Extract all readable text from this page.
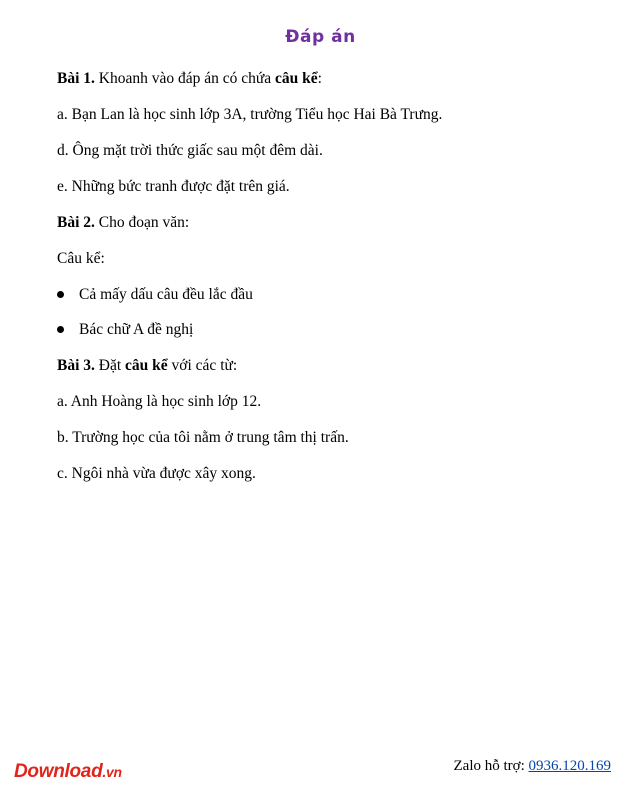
Đáp án
Bài 1. Khoanh vào đáp án có chứa câu kể:
a. Bạn Lan là học sinh lớp 3A, trường Tiểu học Hai Bà Trưng.
d. Ông mặt trời thức giấc sau một đêm dài.
e. Những bức tranh được đặt trên giá.
Bài 2. Cho đoạn văn:
Câu kể:
Cả mấy dấu câu đều lắc đầu
Bác chữ A đề nghị
Bài 3. Đặt câu kể với các từ:
a. Anh Hoàng là học sinh lớp 12.
b. Trường học của tôi nằm ở trung tâm thị trấn.
c. Ngôi nhà vừa được xây xong.
Download.vn	Zalo hỗ trợ: 0936.120.169
